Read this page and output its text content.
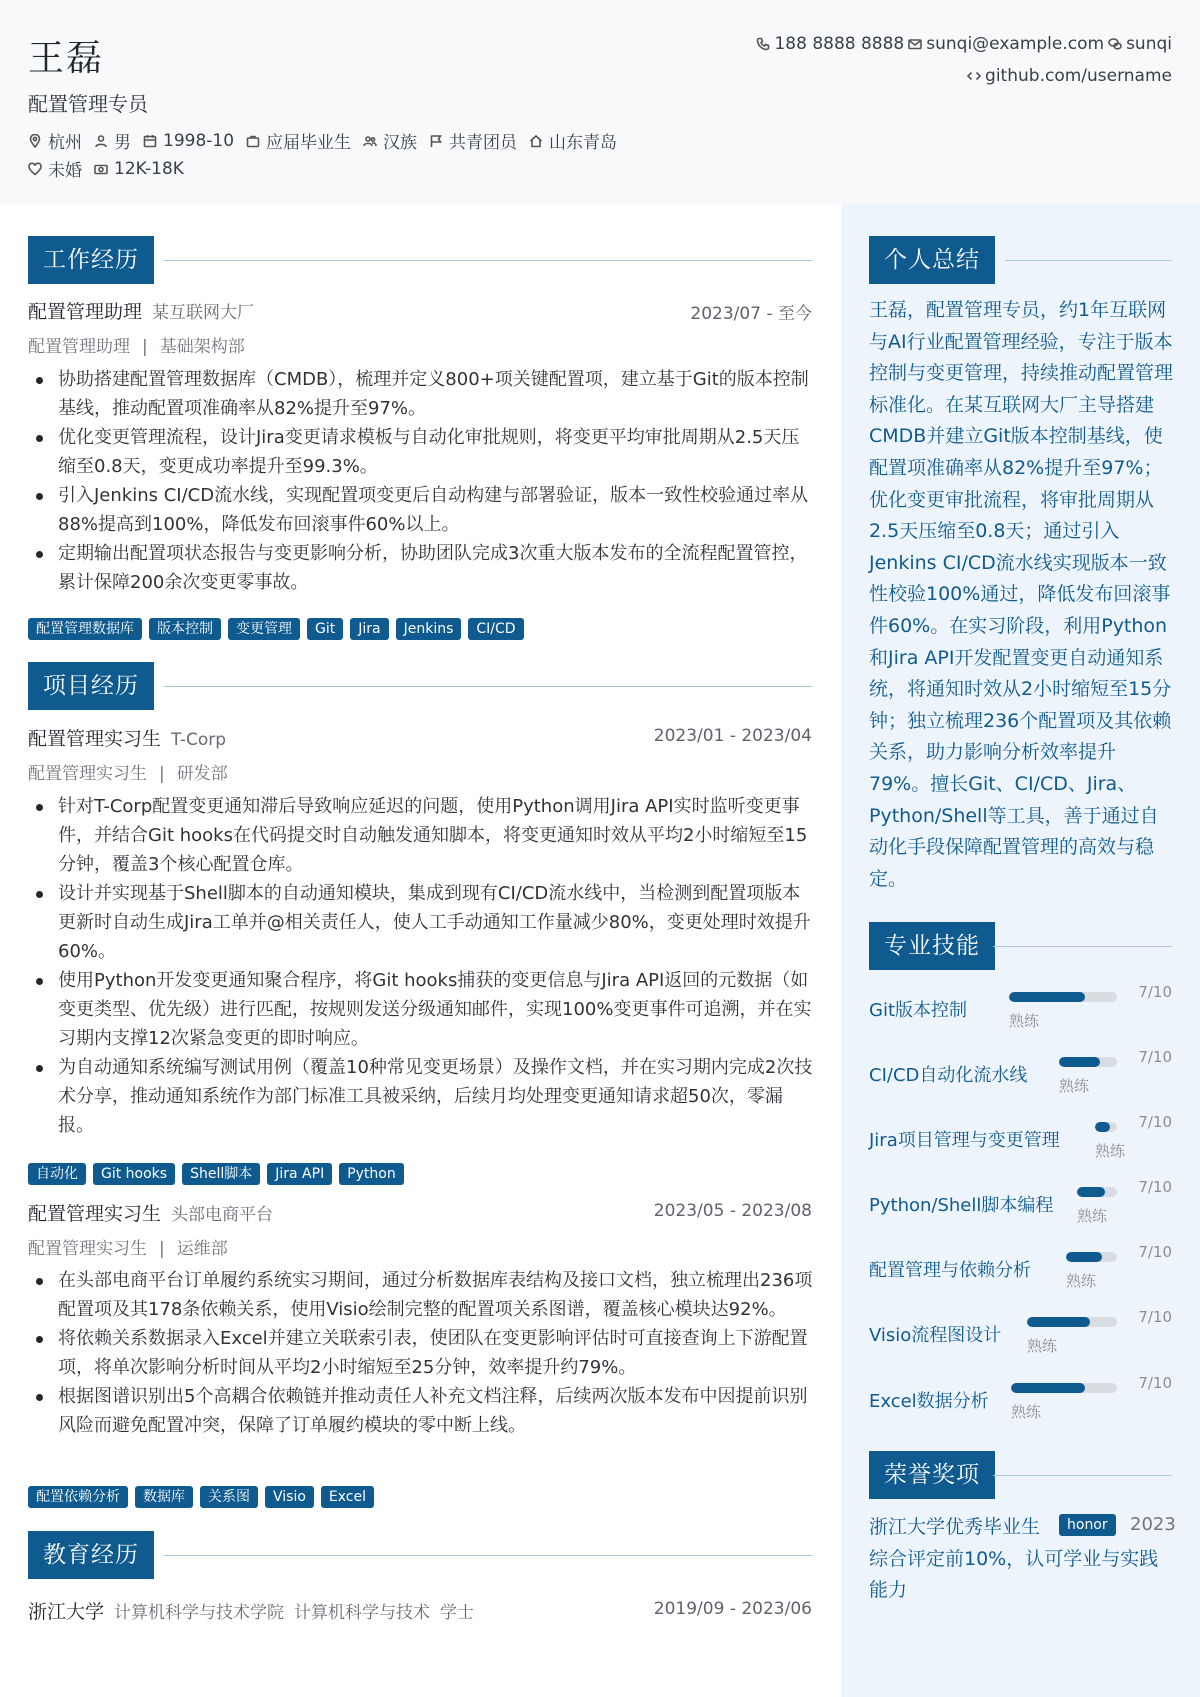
王磊
配置管理专员
杭州 男 1998-10 应届毕业生 汉族 共青团员 山东青岛
未婚 12K-18K
188 8888 8888 sunqi@example.com sunqi
github.com/username
工作经历
配置管理助理 某互联网大厂	2023/07 - 至今
配置管理助理 | 基础架构部
协助搭建配置管理数据库（CMDB），梳理并定义800+项关键配置项，建立基于Git的版本控制基线，推动配置项准确率从82%提升至97%。
优化变更管理流程，设计Jira变更请求模板与自动化审批规则，将变更平均审批周期从2.5天压缩至0.8天，变更成功率提升至99.3%。
引入Jenkins CI/CD流水线，实现配置项变更后自动构建与部署验证，版本一致性校验通过率从88%提高到100%，降低发布回滚事件60%以上。
定期输出配置项状态报告与变更影响分析，协助团队完成3次重大版本发布的全流程配置管控，累计保障200余次变更零事故。
配置管理数据库	版本控制	变更管理	Git	Jira	Jenkins	CI/CD
项目经历
配置管理实习生 T-Corp	2023/01 - 2023/04
配置管理实习生 | 研发部
针对T-Corp配置变更通知滞后导致响应延迟的问题，使用Python调用Jira API实时监听变更事件，并结合Git hooks在代码提交时自动触发通知脚本，将变更通知时效从平均2小时缩短至15分钟，覆盖3个核心配置仓库。
设计并实现基于Shell脚本的自动通知模块，集成到现有CI/CD流水线中，当检测到配置项版本更新时自动生成Jira工单并@相关责任人，使人工手动通知工作量减少80%，变更处理时效提升60%。
使用Python开发变更通知聚合程序，将Git hooks捕获的变更信息与Jira API返回的元数据（如变更类型、优先级）进行匹配，按规则发送分级通知邮件，实现100%变更事件可追溯，并在实习期内支撑12次紧急变更的即时响应。
为自动通知系统编写测试用例（覆盖10种常见变更场景）及操作文档，并在实习期内完成2次技术分享，推动通知系统作为部门标准工具被采纳，后续月均处理变更通知请求超50次，零漏报。
自动化	Git hooks	Shell脚本	Jira API	Python
配置管理实习生 头部电商平台	2023/05 - 2023/08
配置管理实习生 | 运维部
在头部电商平台订单履约系统实习期间，通过分析数据库表结构及接口文档，独立梳理出236项配置项及其178条依赖关系，使用Visio绘制完整的配置项关系图谱，覆盖核心模块达92%。
将依赖关系数据录入Excel并建立关联索引表，使团队在变更影响评估时可直接查询上下游配置项，将单次影响分析时间从平均2小时缩短至25分钟，效率提升约79%。
根据图谱识别出5个高耦合依赖链并推动责任人补充文档注释，后续两次版本发布中因提前识别风险而避免配置冲突，保障了订单履约模块的零中断上线。
配置依赖分析	数据库	关系图	Visio	Excel
教育经历
浙江大学 计算机科学与技术学院 计算机科学与技术 学士	2019/09 - 2023/06
个人总结
王磊，配置管理专员，约1年互联网与AI行业配置管理经验，专注于版本控制与变更管理，持续推动配置管理标准化。在某互联网大厂主导搭建CMDB并建立Git版本控制基线，使配置项准确率从82%提升至97%；优化变更审批流程，将审批周期从2.5天压缩至0.8天；通过引入Jenkins CI/CD流水线实现版本一致性校验100%通过，降低发布回滚事件60%。在实习阶段，利用Python和Jira API开发配置变更自动通知系统，将通知时效从2小时缩短至15分钟；独立梳理236个配置项及其依赖关系，助力影响分析效率提升79%。擅长Git、CI/CD、Jira、Python/Shell等工具，善于通过自动化手段保障配置管理的高效与稳定。
专业技能
Git版本控制
7/10
熟练
CI/CD自动化流水线
7/10
熟练
Jira项目管理与变更管理
7/10
熟练
Python/Shell脚本编程
7/10
熟练
配置管理与依赖分析
7/10
熟练
Visio流程图设计
7/10
熟练
Excel数据分析
7/10
熟练
荣誉奖项
浙江大学优秀毕业生	honor	2023
综合评定前10%，认可学业与实践能力
